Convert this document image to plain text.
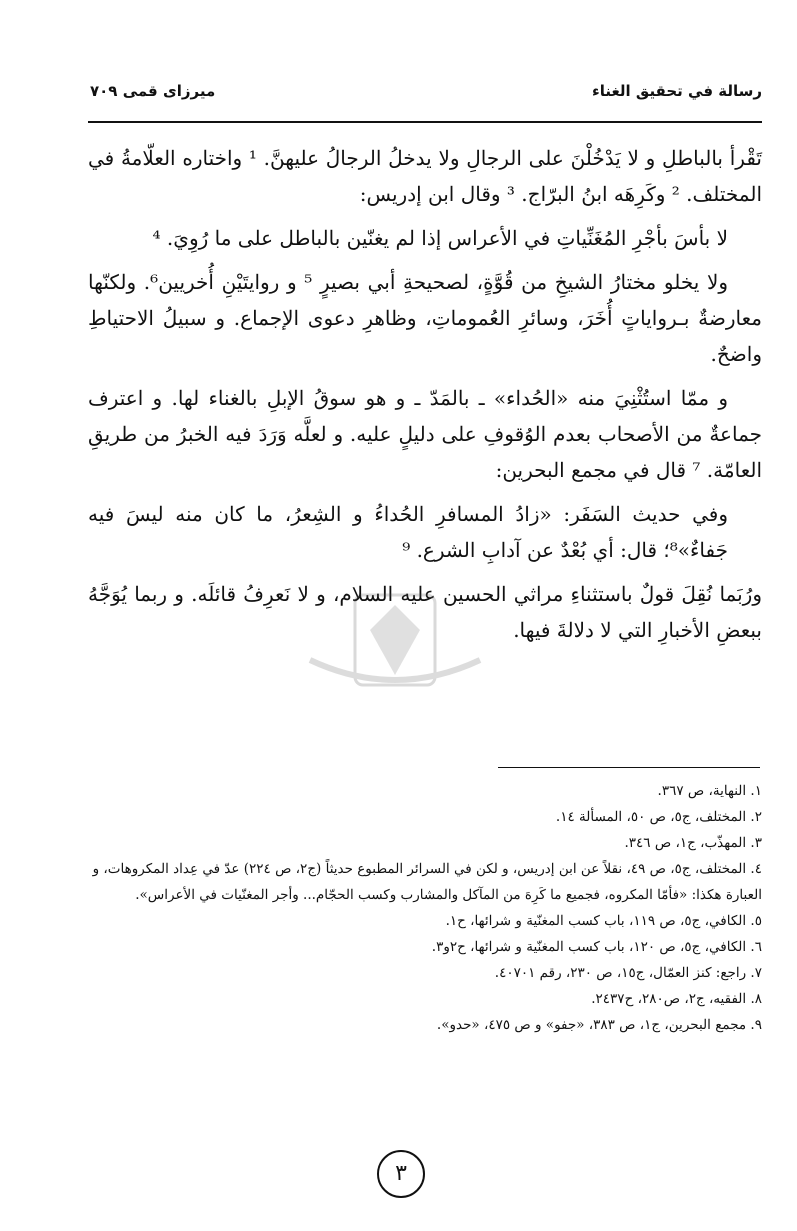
رسالة في تحقيق الغناء
ميرزای قمی ۷۰۹

تَقْرأ بالباطلِ و لا يَدْخُلْنَ على الرجالِ ولا يدخلُ الرجالُ عليهنَّ. ¹ واختاره العلّامةُ في المختلف. ² وكَرِهَه ابنُ البرّاج. ³ وقال ابن إدريس:

لا بأسَ بأجْرِ المُغَنِّياتِ في الأعراس إذا لم يغنّين بالباطل على ما رُوِيَ. ⁴

ولا يخلو مختارُ الشيخِ من قُوَّةٍ، لصحيحةِ أبي بصيرٍ ⁵ و روايتَيْنِ أُخريين⁶. ولكنّها معارضةٌ بـرواياتٍ أُخَرَ، وسائرِ العُموماتِ، وظاهرِ دعوى الإجماع. و سبيلُ الاحتياطِ واضحٌ.

و ممّا استُثْنِيَ منه «الحُداء» ـ بالمَدّ ـ و هو سوقُ الإبلِ بالغناء لها. و اعترف جماعةٌ من الأصحاب بعدم الوُقوفِ على دليلٍ عليه. و لعلَّه وَرَدَ فيه الخبرُ من طريقِ العامّة. ⁷ قال في مجمع البحرين:

وفي حديث السَفَر: «زادُ المسافرِ الحُداءُ و الشِعرُ، ما كان منه ليسَ فيه جَفاءٌ»⁸؛ قال: أي بُعْدٌ عن آدابِ الشرع. ⁹

ورُبَما نُقِلَ قولٌ باستثناءِ مراثي الحسين عليه السلام، و لا نَعرِفُ قائلَه. و ربما يُوَجَّهُ ببعضِ الأخبارِ التي لا دلالةَ فيها.

١. النهاية، ص ٣٦٧.

٢. المختلف، ج٥، ص ٥٠، المسألة ١٤.

٣. المهذّب، ج١، ص ٣٤٦.

٤. المختلف، ج٥، ص ٤٩، نقلاً عن ابن إدريس، و لكن في السرائر المطبوع حديثاً (ج٢، ص ٢٢٤) عدّ في عِداد المكروهات، و العبارة هكذا: «فأمّا المكروه، فجميع ما كَرِهَ من المآكل والمشارب وكسب الحجّام... وأجر المغنّيات في الأعراس».

٥. الكافي، ج٥، ص ١١٩، باب كسب المغنّية و شرائها، ح١.

٦. الكافي، ج٥، ص ١٢٠، باب كسب المغنّية و شرائها، ح٢و٣.

٧. راجع: كنز العمّال، ج١٥، ص ٢٣٠، رقم ٤٠٧٠١.

٨. الفقيه، ج٢، ص٢٨٠، ح٢٤٣٧.

٩. مجمع البحرين، ج١، ص ٣٨٣، «جفو» و ص ٤٧٥، «حدو».

٣
